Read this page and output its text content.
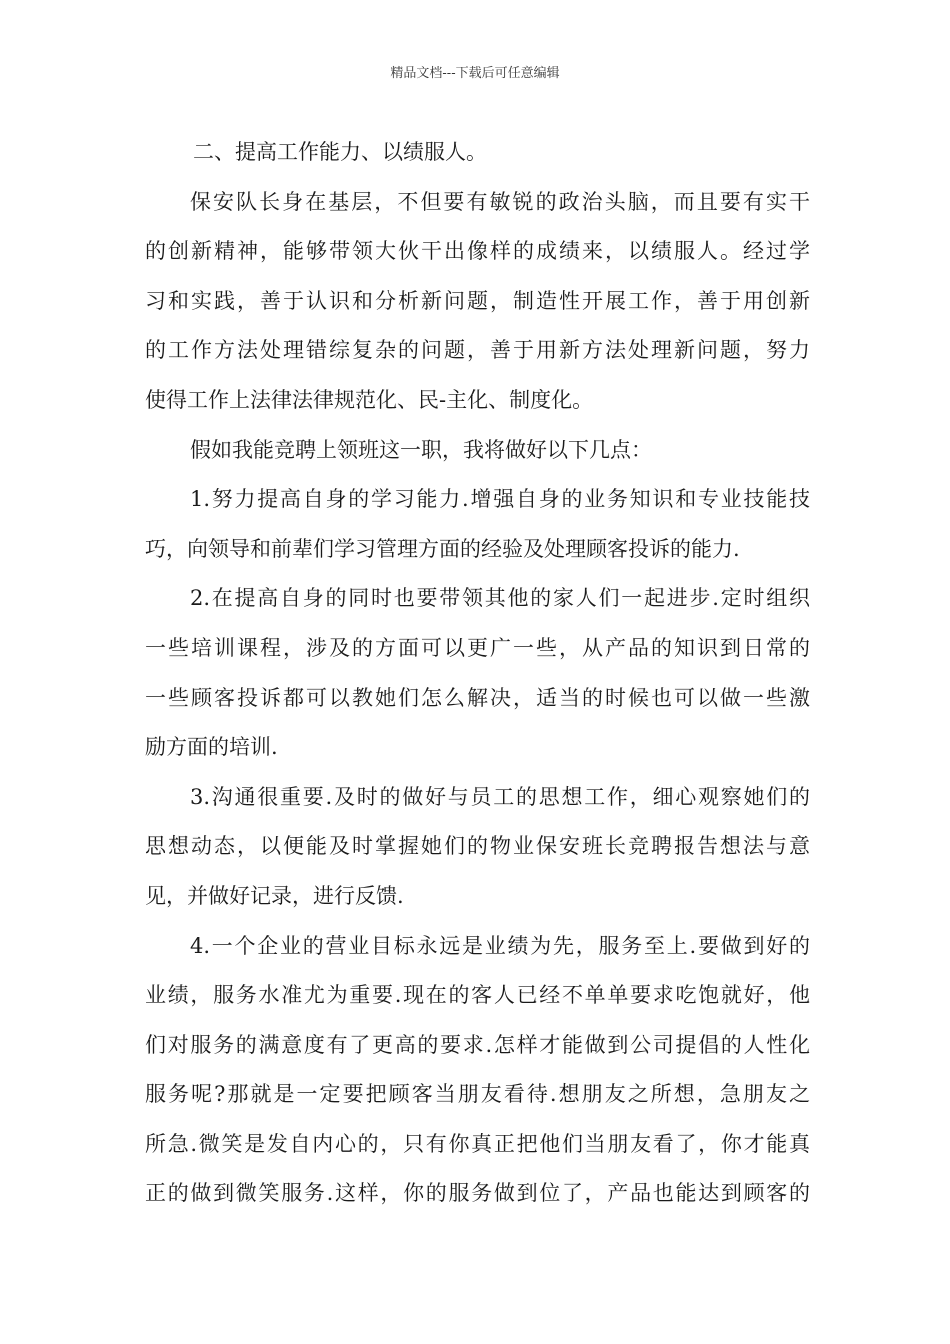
精品文档---下载后可任意编辑
二、提高工作能力、以绩服人。
保安队长身在基层，不但要有敏锐的政治头脑，而且要有实干
的创新精神，能够带领大伙干出像样的成绩来，以绩服人。经过学
习和实践，善于认识和分析新问题，制造性开展工作，善于用创新
的工作方法处理错综复杂的问题，善于用新方法处理新问题，努力
使得工作上法律法律规范化、民-主化、制度化。
假如我能竞聘上领班这一职，我将做好以下几点：
1.努力提高自身的学习能力.增强自身的业务知识和专业技能技
巧，向领导和前辈们学习管理方面的经验及处理顾客投诉的能力.
2.在提高自身的同时也要带领其他的家人们一起进步.定时组织
一些培训课程，涉及的方面可以更广一些，从产品的知识到日常的
一些顾客投诉都可以教她们怎么解决，适当的时候也可以做一些激
励方面的培训.
3.沟通很重要.及时的做好与员工的思想工作，细心观察她们的
思想动态，以便能及时掌握她们的物业保安班长竞聘报告想法与意
见，并做好记录，进行反馈.
4.一个企业的营业目标永远是业绩为先，服务至上.要做到好的
业绩，服务水准尤为重要.现在的客人已经不单单要求吃饱就好，他
们对服务的满意度有了更高的要求.怎样才能做到公司提倡的人性化
服务呢?那就是一定要把顾客当朋友看待.想朋友之所想，急朋友之
所急.微笑是发自内心的，只有你真正把他们当朋友看了，你才能真
正的做到微笑服务.这样，你的服务做到位了，产品也能达到顾客的
